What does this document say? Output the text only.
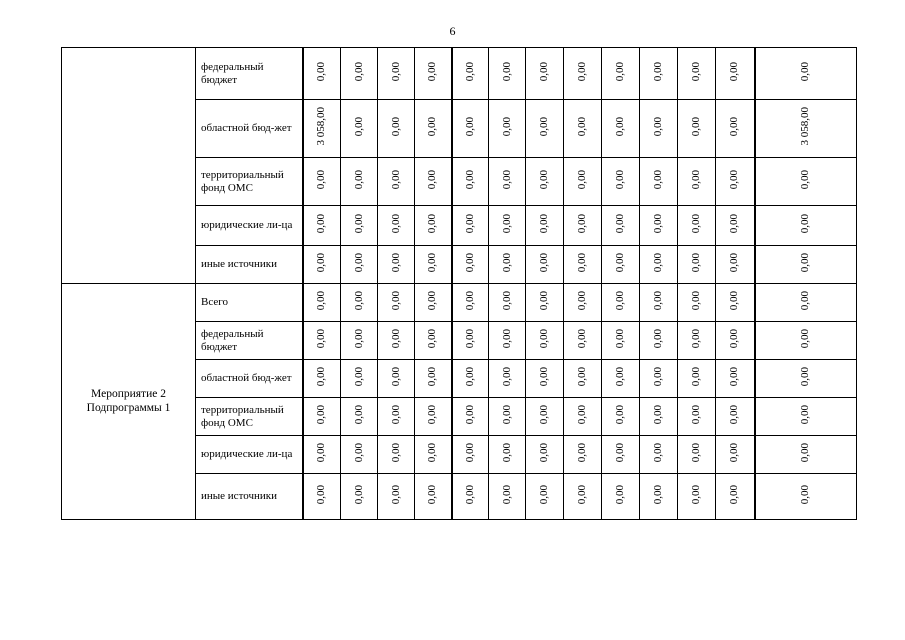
6
	федеральный бюджет	0,00	0,00	0,00	0,00	0,00	0,00	0,00	0,00	0,00	0,00	0,00	0,00	0,00
	областной бюд-жет	3 058,00	0,00	0,00	0,00	0,00	0,00	0,00	0,00	0,00	0,00	0,00	0,00	3 058,00
	территориальный фонд ОМС	0,00	0,00	0,00	0,00	0,00	0,00	0,00	0,00	0,00	0,00	0,00	0,00	0,00
	юридические ли-ца	0,00	0,00	0,00	0,00	0,00	0,00	0,00	0,00	0,00	0,00	0,00	0,00	0,00
	иные источники	0,00	0,00	0,00	0,00	0,00	0,00	0,00	0,00	0,00	0,00	0,00	0,00	0,00
Мероприятие 2 Подпрограммы 1	Всего	0,00	0,00	0,00	0,00	0,00	0,00	0,00	0,00	0,00	0,00	0,00	0,00	0,00
	федеральный бюджет	0,00	0,00	0,00	0,00	0,00	0,00	0,00	0,00	0,00	0,00	0,00	0,00	0,00
	областной бюд-жет	0,00	0,00	0,00	0,00	0,00	0,00	0,00	0,00	0,00	0,00	0,00	0,00	0,00
	территориальный фонд ОМС	0,00	0,00	0,00	0,00	0,00	0,00	0,00	0,00	0,00	0,00	0,00	0,00	0,00
	юридические ли-ца	0,00	0,00	0,00	0,00	0,00	0,00	0,00	0,00	0,00	0,00	0,00	0,00	0,00
	иные источники	0,00	0,00	0,00	0,00	0,00	0,00	0,00	0,00	0,00	0,00	0,00	0,00	0,00
